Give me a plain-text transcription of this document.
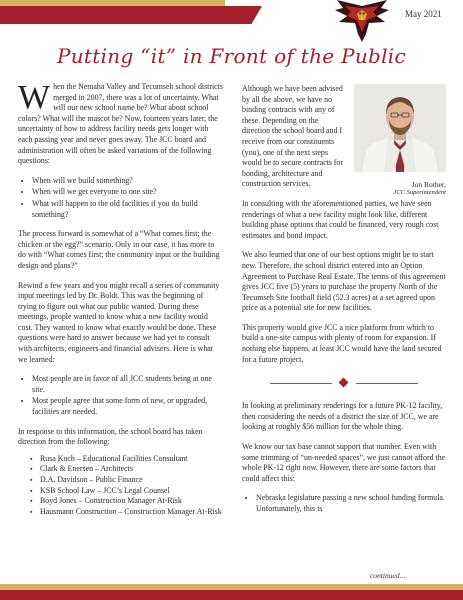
May 2021
Putting “it” in Front of the Public

When the Nemaha Valley and Tecumseh school districts merged in 2007, there was a lot of uncertainty. What will our new school name be? What about school colors? What will the mascot be? Now, fourteen years later, the uncertainty of how to address facility needs gets longer with each passing year and never goes away. The JCC board and administration will often be asked variations of the following questions:

• When will we build something?
• When will we get everyone to one site?
• What will happen to the old facilities if you do build something?

The process forward is somewhat of a “What comes first; the chicken or the egg?” scenario. Only in our case, it has more to do with “What comes first; the community input or the building design and plans?”

Rewind a few years and you might recall a series of community input meetings led by Dr. Boldt. This was the beginning of trying to figure out what our public wanted. During these meetings, people wanted to know what a new facility would cost. They wanted to know what exactly would be done. These questions were hard to answer because we had yet to consult with architects, engineers and financial advisers. Here is what we learned:

• Most people are in favor of all JCC students being at one site.
• Most people agree that some form of new, or upgraded, facilities are needed.

In response to this information, the school board has taken direction from the following:

▪ Rusa Koch – Educational Facilities Consultant
▪ Clark & Enersen – Architects
▪ D.A. Davidson – Public Finance
▪ KSB School Law – JCC’s Legal Counsel
▪ Boyd Jones – Construction Manager At-Risk
▪ Hausmann Construction – Construction Manager At-Risk
Jon Rother,
JCC Superintendent

Although we have been advised by all the above, we have no binding contracts with any of these. Depending on the direction the school board and I receive from our constituents (you), one of the next steps would be to secure contracts for bonding, architecture and construction services.

In consulting with the aforementioned parties, we have seen renderings of what a new facility might look like, different building phase options that could be financed, very rough cost estimates and bond impact.

We also learned that one of our best options might be to start new. Therefore, the school district entered into an Option Agreement to Purchase Real Estate. The terms of this agreement gives JCC five (5) years to purchase the property North of the Tecumseh Site football field (52.3 acres) at a set agreed upon price as a potential site for new facilities.

This property would give JCC a nice platform from which to build a one-site campus with plenty of room for expansion. If nothing else happens, at least JCC would have the land secured for a future project.

In looking at preliminary renderings for a future PK-12 facility, then considering the needs of a district the size of JCC, we are looking at roughly $56 million for the whole thing.

We know our tax base cannot support that number. Even with some trimming of “un-needed spaces”, we just cannot afford the whole PK-12 right now. However, there are some factors that could affect this:

• Nebraska legislature passing a new school funding formula. Unfortunately, this is
continued....
